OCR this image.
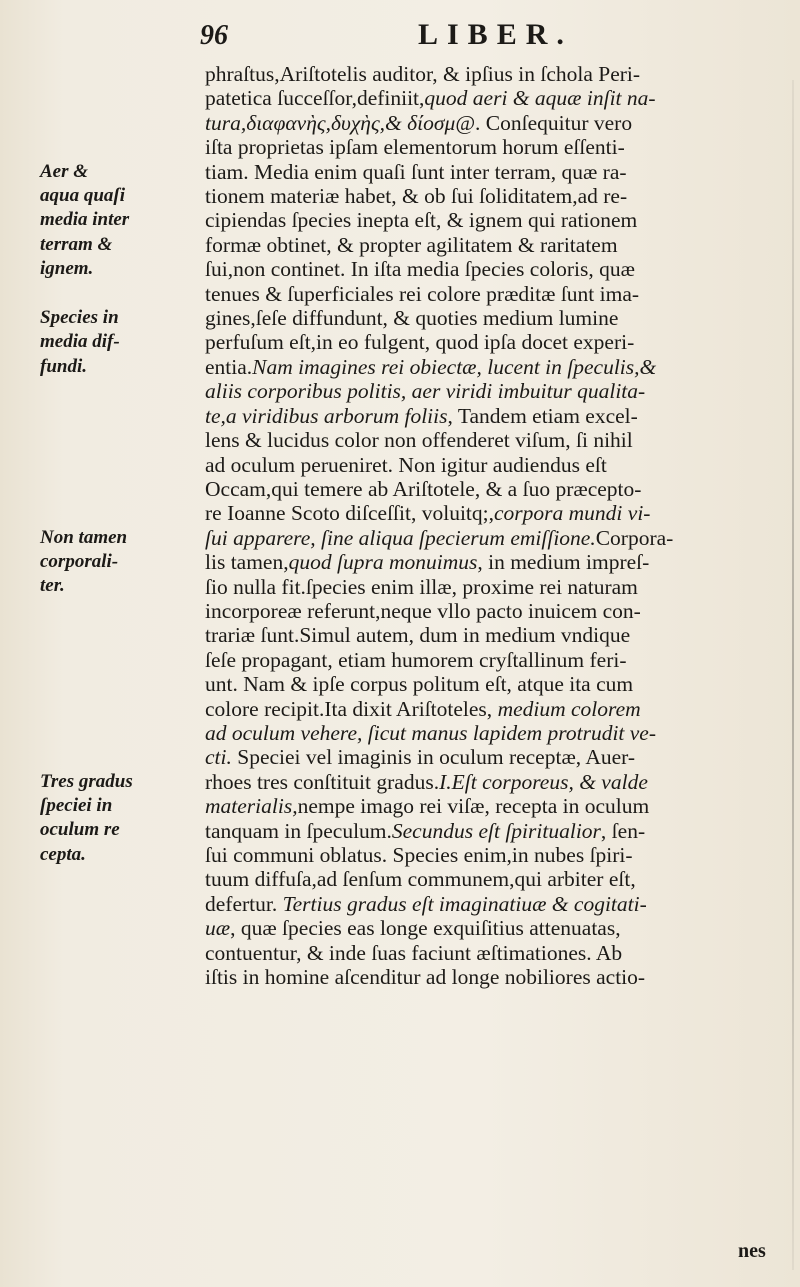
96	LIBER.
phraſtus,Ariſtotelis auditor, & ipſius in ſchola Peri-
patetica ſucceſſor,definiit,quod aeri & aquæ inſit na-
tura,διαφανὴς,δυχὴς,& δίοσμ@. Conſequitur vero
iſta proprietas ipſam elementorum horum eſſenti-
tiam. Media enim quaſi ſunt inter terram, quæ ra-
tionem materiæ habet, & ob ſui ſoliditatem,ad re-
cipiendas ſpecies inepta eſt, & ignem qui rationem
formæ obtinet, & propter agilitatem & raritatem
ſui,non continet. In iſta media ſpecies coloris, quæ
tenues & ſuperficiales rei colore præditæ ſunt ima-
gines,ſeſe diffundunt, & quoties medium lumine
perfuſum eſt,in eo fulgent, quod ipſa docet experi-
entia.Nam imagines rei obiectæ, lucent in ſpeculis,&
aliis corporibus politis, aer viridi imbuitur qualita-
te,a viridibus arborum foliis, Tandem etiam excel-
lens & lucidus color non offenderet viſum, ſi nihil
ad oculum perueniret. Non igitur audiendus eſt
Occam,qui temere ab Ariſtotele, & a ſuo præcepto-
re Ioanne Scoto diſceſſit, voluitq;,corpora mundi vi-
ſui apparere, ſine aliqua ſpecierum emiſſione.Corpora-
lis tamen,quod ſupra monuimus, in medium impreſ-
ſio nulla fit.ſpecies enim illæ, proxime rei naturam
incorporeæ referunt,neque vllo pacto inuicem con-
trariæ ſunt.Simul autem, dum in medium vndique
ſeſe propagant, etiam humorem cryſtallinum feri-
unt. Nam & ipſe corpus politum eſt, atque ita cum
colore recipit.Ita dixit Ariſtoteles, medium colorem
ad oculum vehere, ſicut manus lapidem protrudit ve-
cti. Speciei vel imaginis in oculum receptæ, Auer-
rhoes tres conſtituit gradus.I.Eſt corporeus, & valde
materialis,nempe imago rei viſæ, recepta in oculum
tanquam in ſpeculum.Secundus eſt ſpiritualior, ſen-
ſui communi oblatus. Species enim,in nubes ſpiri-
tuum diffuſa,ad ſenſum communem,qui arbiter eſt,
defertur. Tertius gradus eſt imaginatiuæ & cogitati-
uæ, quæ ſpecies eas longe exquiſitius attenuatas,
contuentur, & inde ſuas faciunt æſtimationes. Ab
iſtis in homine aſcenditur ad longe nobiliores actio-
Aer &
aqua quaſi
media inter
terram &
ignem.
Species in
media dif-
fundi.
Non tamen
corporali-
ter.
Tres gradus
ſpeciei in
oculum re
cepta.
nes
